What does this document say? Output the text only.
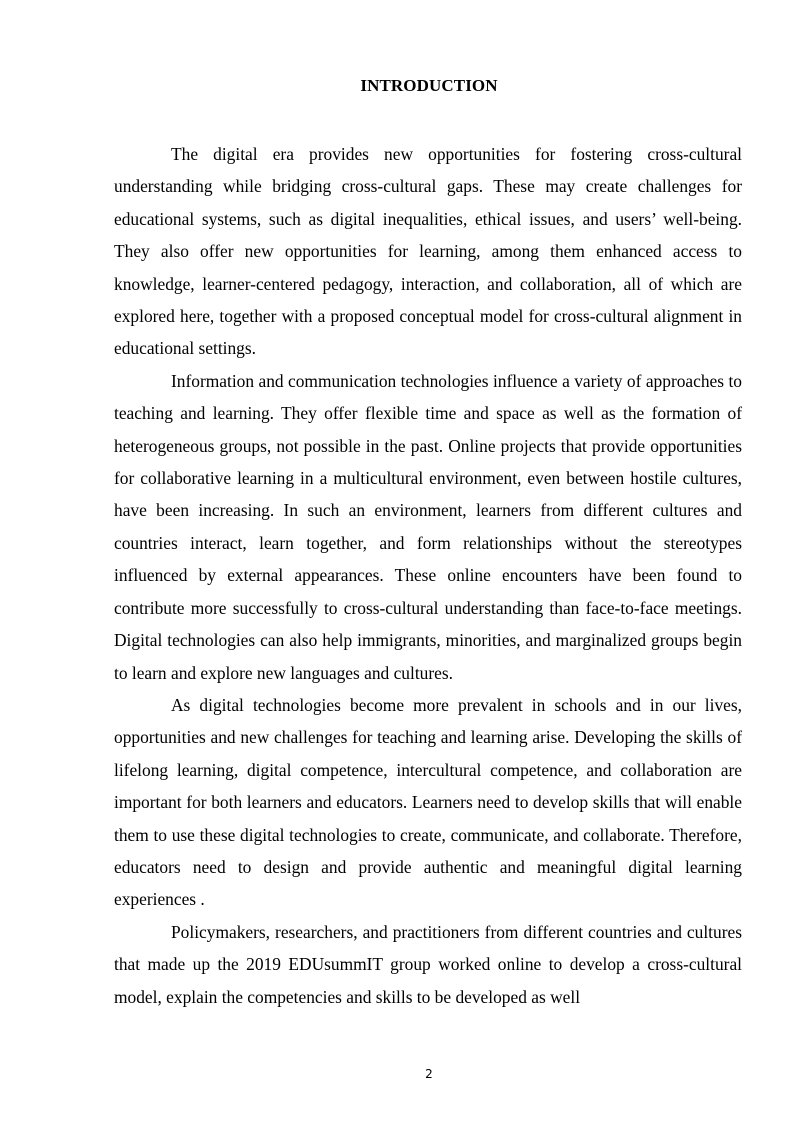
INTRODUCTION

The digital era provides new opportunities for fostering cross-cultural understanding while bridging cross-cultural gaps. These may create challenges for educational systems, such as digital inequalities, ethical issues, and users’ well-being. They also offer new opportunities for learning, among them enhanced access to knowledge, learner-centered pedagogy, interaction, and collaboration, all of which are explored here, together with a proposed conceptual model for cross-cultural alignment in educational settings.

Information and communication technologies influence a variety of approaches to teaching and learning. They offer flexible time and space as well as the formation of heterogeneous groups, not possible in the past. Online projects that provide opportunities for collaborative learning in a multicultural environment, even between hostile cultures, have been increasing. In such an environment, learners from different cultures and countries interact, learn together, and form relationships without the stereotypes influenced by external appearances. These online encounters have been found to contribute more successfully to cross-cultural understanding than face-to-face meetings. Digital technologies can also help immigrants, minorities, and marginalized groups begin to learn and explore new languages and cultures.

As digital technologies become more prevalent in schools and in our lives, opportunities and new challenges for teaching and learning arise. Developing the skills of lifelong learning, digital competence, intercultural competence, and collaboration are important for both learners and educators. Learners need to develop skills that will enable them to use these digital technologies to create, communicate, and collaborate. Therefore, educators need to design and provide authentic and meaningful digital learning experiences .

Policymakers, researchers, and practitioners from different countries and cultures that made up the 2019 EDUsummIT group worked online to develop a cross-cultural model, explain the competencies and skills to be developed as well

2
